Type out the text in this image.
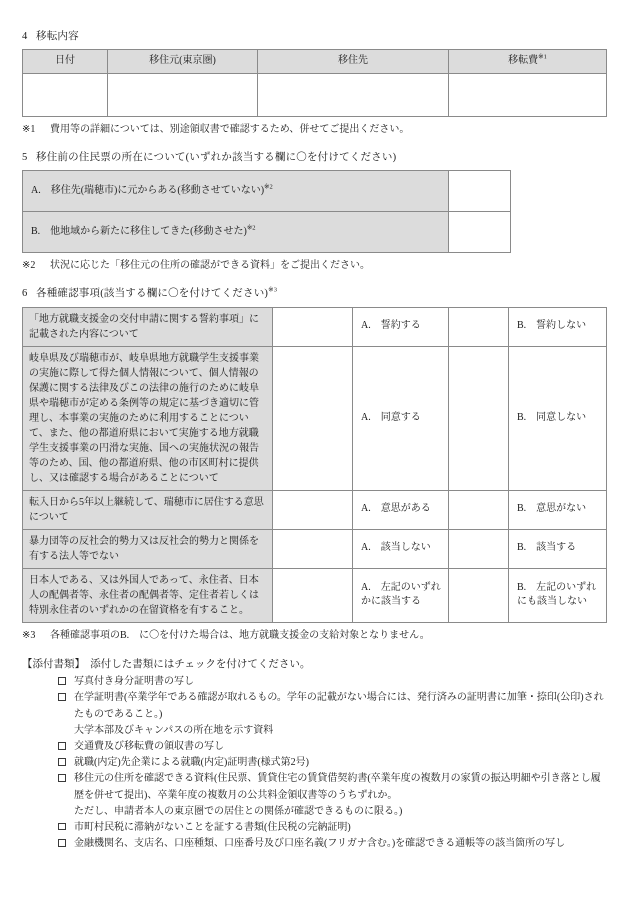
4 移転内容
日付	移住元(東京圏)	移住先	移転費$^{※1}$

※1 費用等の詳細については、別途領収書で確認するため、併せてご提出ください。

5 移住前の住民票の所在について(いずれか該当する欄に〇を付けてください)
A.　移住先(瑞穂市)に元からある(移動させていない)$^{※2}$	
B.　他地域から新たに移住してきた(移動させた)$^{※2}$	

※2 状況に応じた「移住元の住所の確認ができる資料」をご提出ください。

6 各種確認事項(該当する欄に〇を付けてください)$^{※3}$
「地方就職支援金の交付申請に関する誓約事項」に記載された内容について		A.　誓約する		B.　誓約しない
岐阜県及び瑞穂市が、岐阜県地方就職学生支援事業の実施に際して得た個人情報について、個人情報の保護に関する法律及びこの法律の施行のために岐阜県や瑞穂市が定める条例等の規定に基づき適切に管理し、本事業の実施のために利用することについて、また、他の都道府県において実施する地方就職学生支援事業の円滑な実施、国への実施状況の報告等のため、国、他の都道府県、他の市区町村に提供し、又は確認する場合があることについて		A.　同意する		B.　同意しない
転入日から5年以上継続して、瑞穂市に居住する意思について		A.　意思がある		B.　意思がない
暴力団等の反社会的勢力又は反社会的勢力と関係を有する法人等でない		A.　該当しない		B.　該当する
日本人である、又は外国人であって、永住者、日本人の配偶者等、永住者の配偶者等、定住者若しくは特別永住者のいずれかの在留資格を有すること。		A.　左記のいずれかに該当する		B.　左記のいずれにも該当しない

※3 各種確認事項のB.　に〇を付けた場合は、地方就職支援金の支給対象となりません。

【添付書類】　添付した書類にはチェックを付けてください。
写真付き身分証明書の写し
在学証明書(卒業学年である確認が取れるもの。学年の記載がない場合には、発行済みの証明書に加筆・捺印(公印)されたものであること。)
大学本部及びキャンパスの所在地を示す資料
交通費及び移転費の領収書の写し
就職(内定)先企業による就職(内定)証明書(様式第2号)
移住元の住所を確認できる資料(住民票、賃貸住宅の賃貸借契約書(卒業年度の複数月の家賃の振込明細や引き落とし履歴を併せて提出)、卒業年度の複数月の公共料金領収書等のうちずれか。
ただし、申請者本人の東京圏での居住との関係が確認できるものに限る。)
市町村民税に滞納がないことを証する書類(住民税の完納証明)
金融機関名、支店名、口座種類、口座番号及び口座名義(フリガナ含む。)を確認できる通帳等の該当箇所の写し
